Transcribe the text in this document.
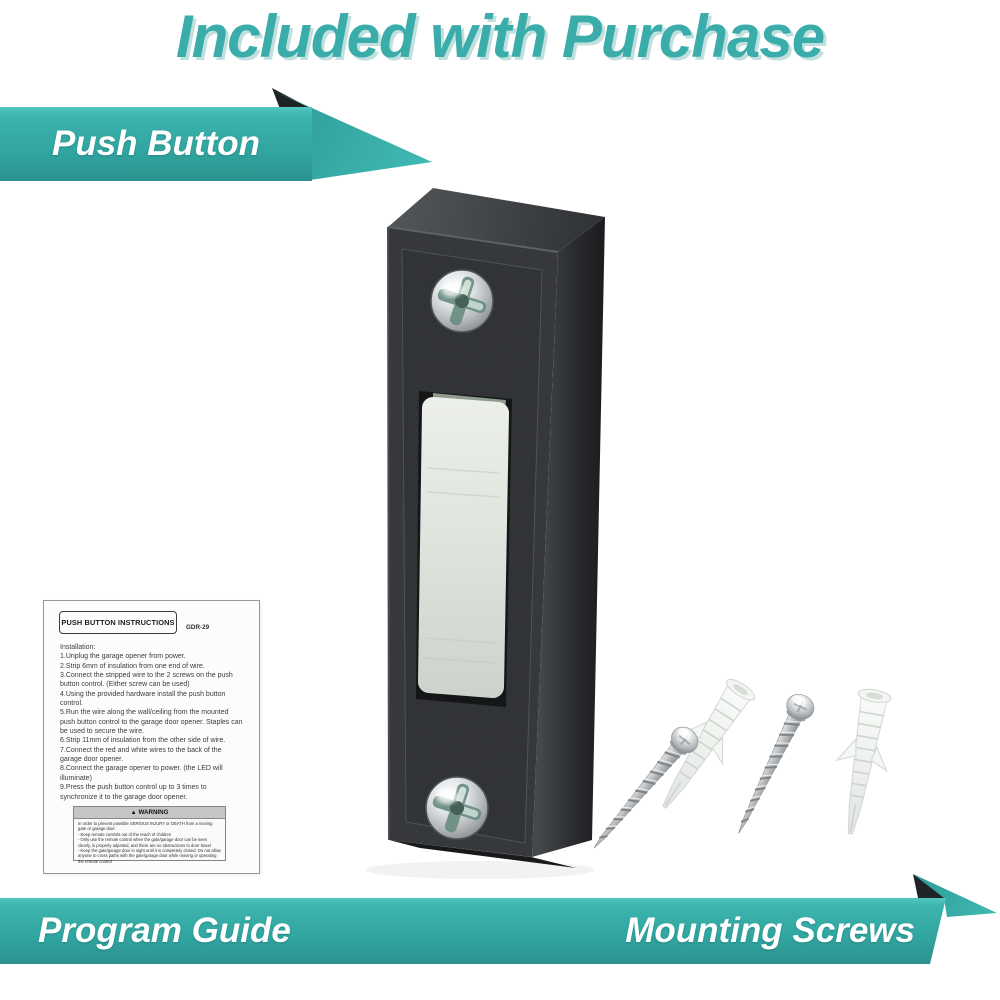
Included with Purchase
Push Button
Program Guide	Mounting Screws
PUSH BUTTON INSTRUCTIONS
GDR-29
Installation:
1.Unplug the garage opener from power.
2.Strip 6mm of insulation from one end of wire.
3.Connect the stripped wire to the 2 screws on the push button control. (Either screw can be used)
4.Using the provided hardware install the push button control.
5.Run the wire along the wall/ceiling from the mounted push button control to the garage door opener. Staples can be used to secure the wire.
6.Strip 11mm of insulation from the other side of wire.
7.Connect the red and white wires to the back of the garage door opener.
8.Connect the garage opener to power. (the LED will illuminate)
9.Press the push button control up to 3 times to synchronize it to the garage door opener.
▲ WARNING
In order to prevent possible SERIOUS INJURY or DEATH from a moving gate or garage door:
- Keep remote controls out of the reach of children
- Only use the remote control when the gate/garage door can be seen clearly, is properly adjusted, and there are no obstructions to door travel
- Keep the gate/garage door in sight until it is completely closed. Do not allow anyone to cross paths with the gate/garage door while moving or operating the remote control
